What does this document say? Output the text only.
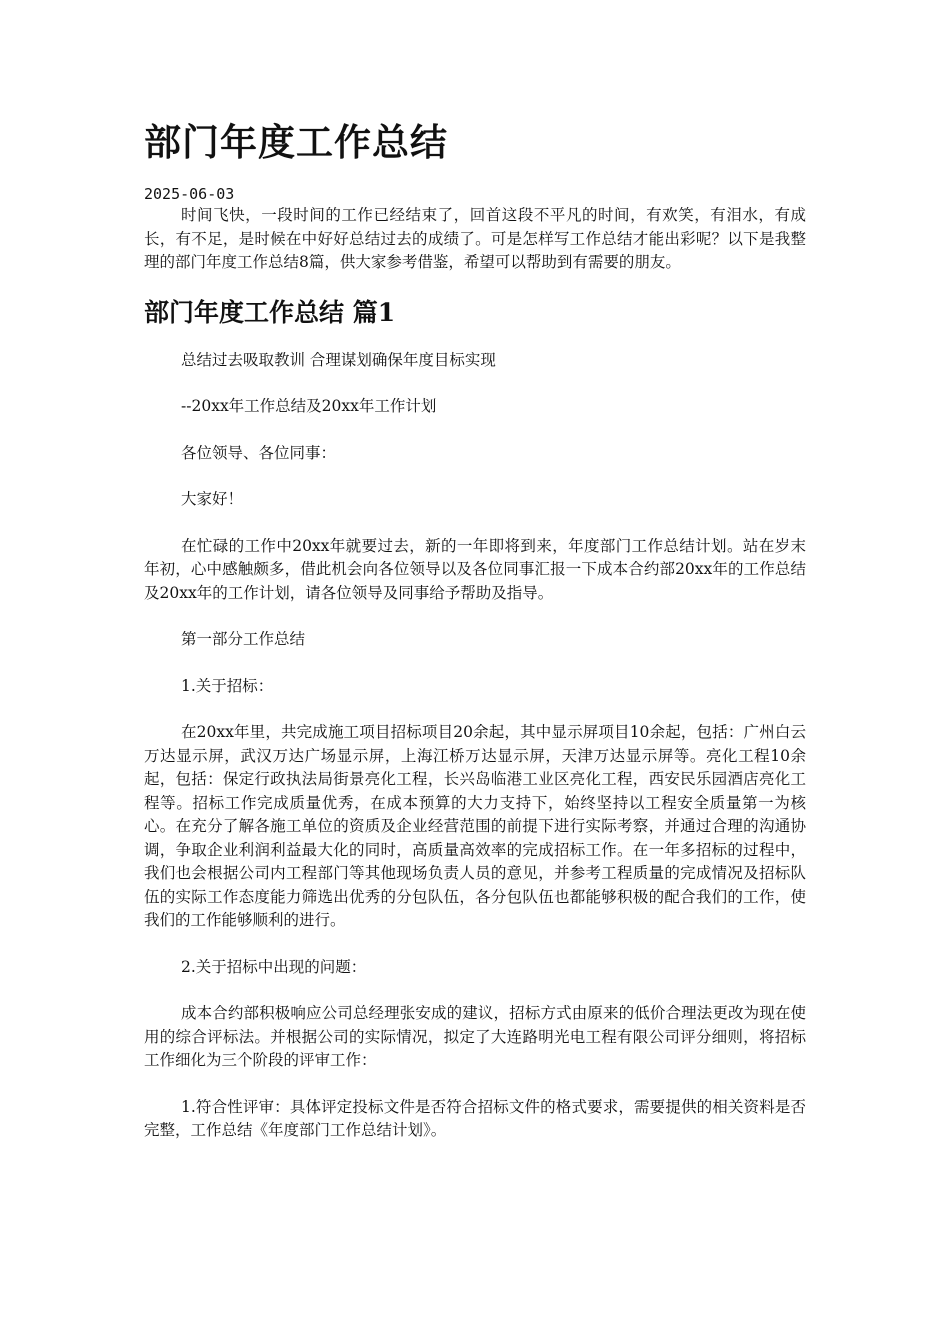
部门年度工作总结
2025-06-03

时间飞快，一段时间的工作已经结束了，回首这段不平凡的时间，有欢笑，有泪水，有成长，有不足，是时候在中好好总结过去的成绩了。可是怎样写工作总结才能出彩呢？以下是我整理的部门年度工作总结8篇，供大家参考借鉴，希望可以帮助到有需要的朋友。

部门年度工作总结 篇1

总结过去吸取教训 合理谋划确保年度目标实现

--20xx年工作总结及20xx年工作计划

各位领导、各位同事：

大家好！

在忙碌的工作中20xx年就要过去，新的一年即将到来，年度部门工作总结计划。站在岁末年初，心中感触颇多，借此机会向各位领导以及各位同事汇报一下成本合约部20xx年的工作总结及20xx年的工作计划，请各位领导及同事给予帮助及指导。

第一部分工作总结

1.关于招标：

在20xx年里，共完成施工项目招标项目20余起，其中显示屏项目10余起，包括：广州白云万达显示屏，武汉万达广场显示屏，上海江桥万达显示屏，天津万达显示屏等。亮化工程10余起，包括：保定行政执法局街景亮化工程，长兴岛临港工业区亮化工程，西安民乐园酒店亮化工程等。招标工作完成质量优秀，在成本预算的大力支持下，始终坚持以工程安全质量第一为核心。在充分了解各施工单位的资质及企业经营范围的前提下进行实际考察，并通过合理的沟通协调，争取企业利润利益最大化的同时，高质量高效率的完成招标工作。在一年多招标的过程中，我们也会根据公司内工程部门等其他现场负责人员的意见，并参考工程质量的完成情况及招标队伍的实际工作态度能力筛选出优秀的分包队伍，各分包队伍也都能够积极的配合我们的工作，使我们的工作能够顺利的进行。

2.关于招标中出现的问题：

成本合约部积极响应公司总经理张安成的建议，招标方式由原来的低价合理法更改为现在使用的综合评标法。并根据公司的实际情况，拟定了大连路明光电工程有限公司评分细则，将招标工作细化为三个阶段的评审工作：

1.符合性评审：具体评定投标文件是否符合招标文件的格式要求，需要提供的相关资料是否完整，工作总结《年度部门工作总结计划》。
